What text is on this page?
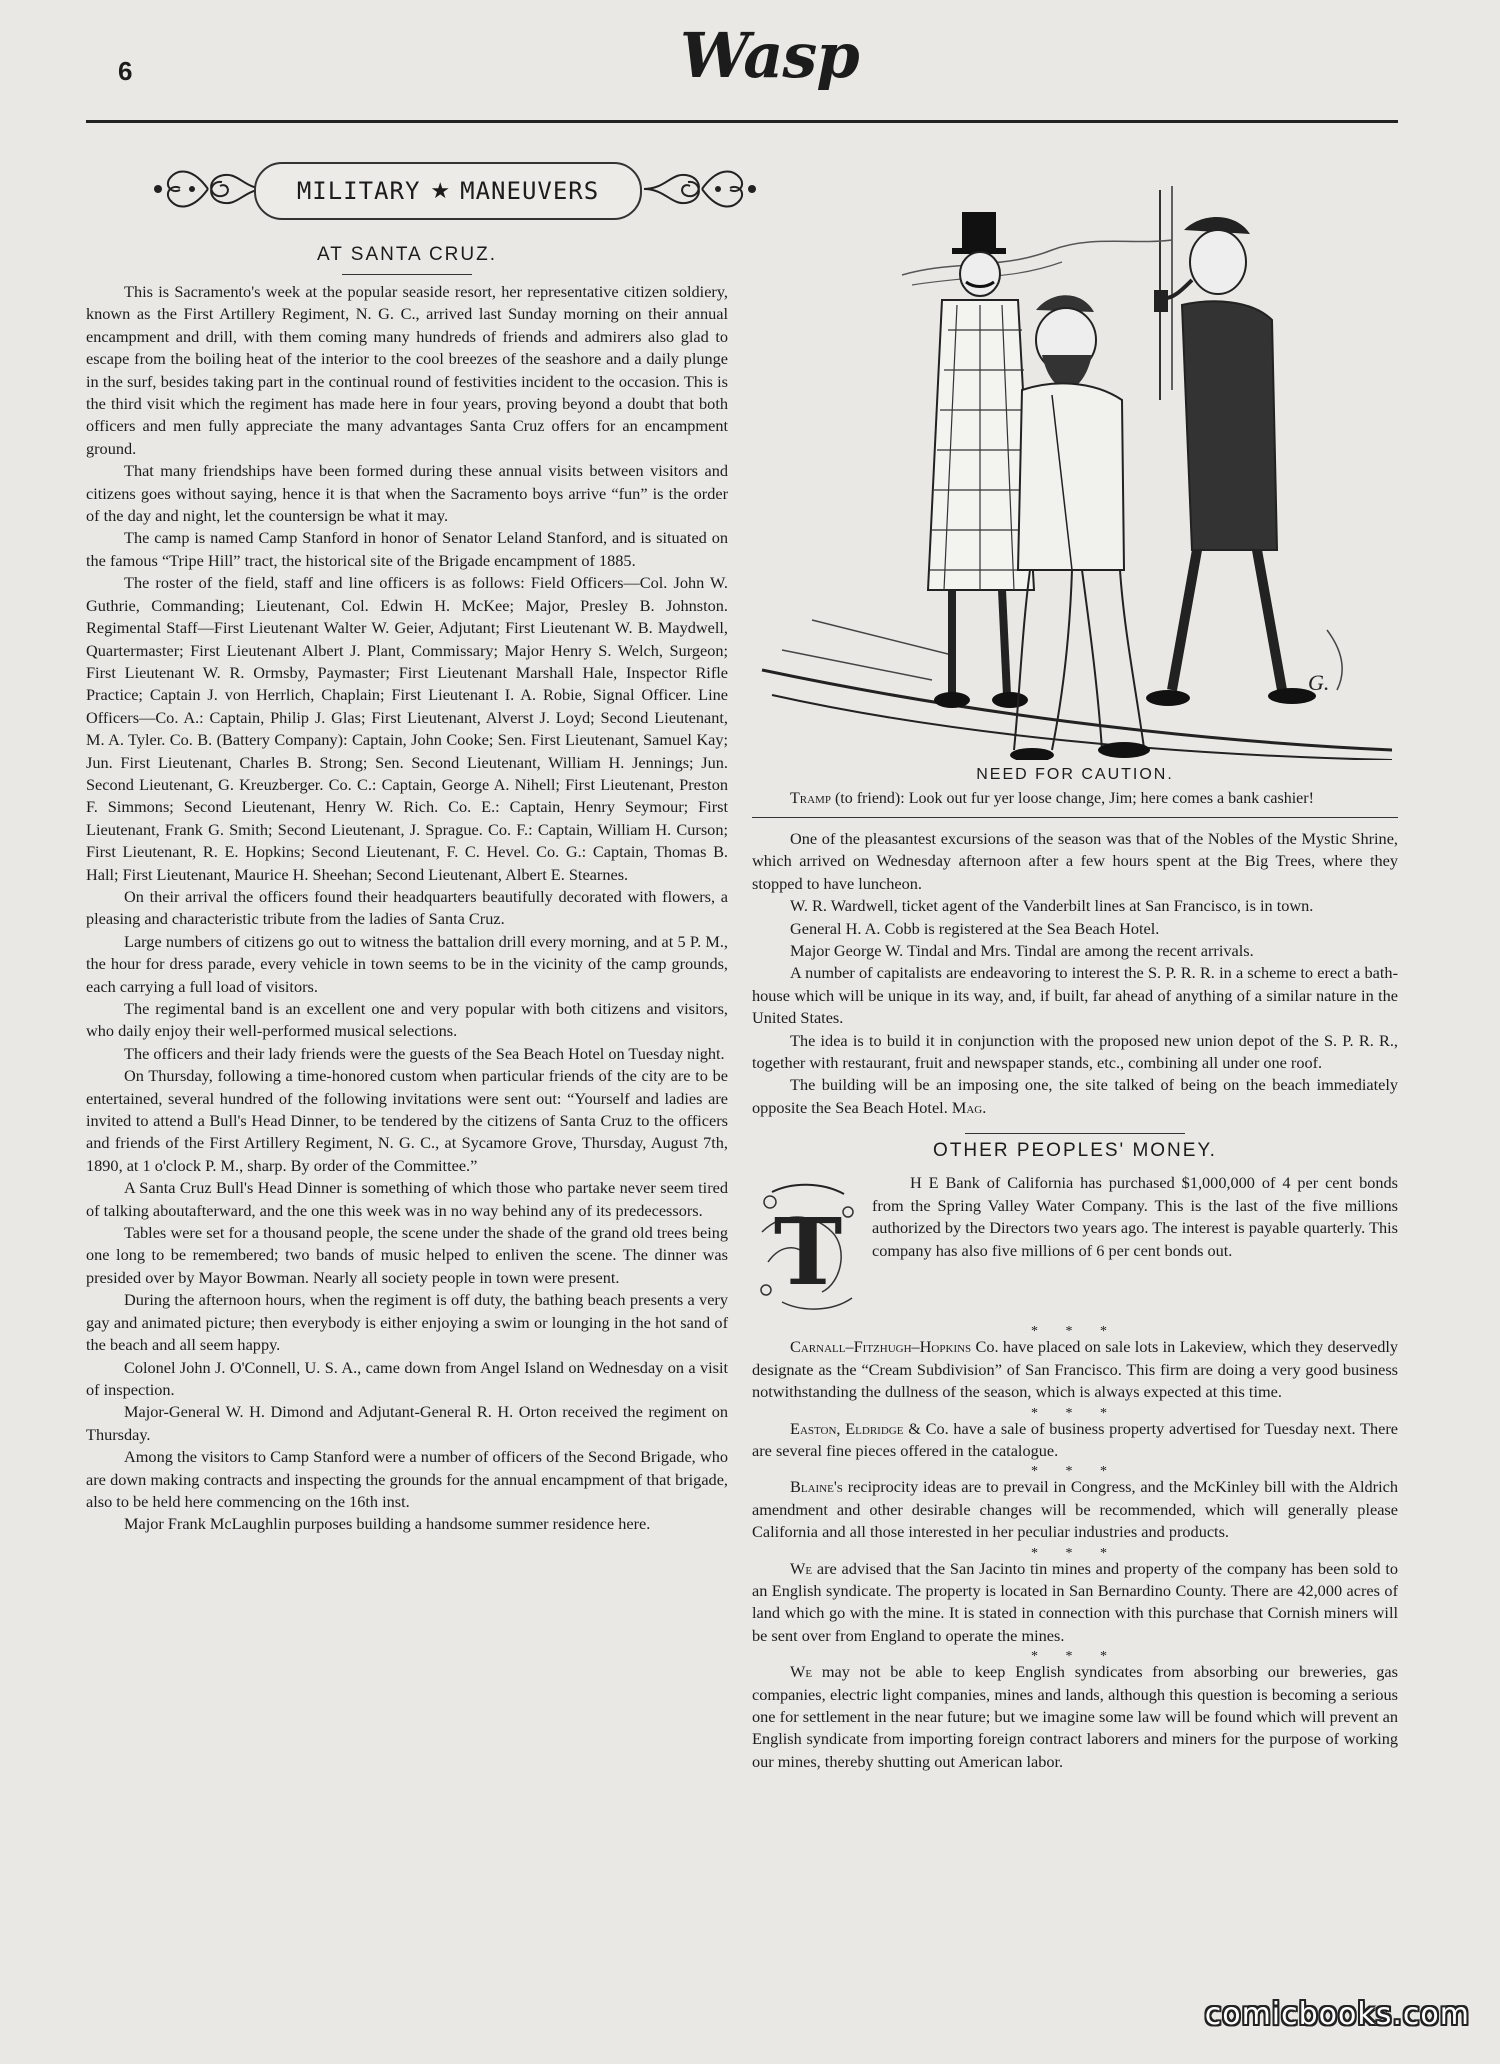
6	Wasp
MILITARY ★ MANEUVERS
AT SANTA CRUZ.

This is Sacramento's week at the popular seaside resort, her representative citizen soldiery, known as the First Artillery Regiment, N. G. C., arrived last Sunday morning on their annual encampment and drill, with them coming many hundreds of friends and admirers also glad to escape from the boiling heat of the interior to the cool breezes of the seashore and a daily plunge in the surf, besides taking part in the continual round of festivities incident to the occasion. This is the third visit which the regiment has made here in four years, proving beyond a doubt that both officers and men fully appreciate the many advantages Santa Cruz offers for an encampment ground.

That many friendships have been formed during these annual visits between visitors and citizens goes without saying, hence it is that when the Sacramento boys arrive “fun” is the order of the day and night, let the countersign be what it may.

The camp is named Camp Stanford in honor of Senator Leland Stanford, and is situated on the famous “Tripe Hill” tract, the historical site of the Brigade encampment of 1885.

The roster of the field, staff and line officers is as follows: Field Officers—Col. John W. Guthrie, Commanding; Lieutenant, Col. Edwin H. McKee; Major, Presley B. Johnston. Regimental Staff—First Lieutenant Walter W. Geier, Adjutant; First Lieutenant W. B. Maydwell, Quartermaster; First Lieutenant Albert J. Plant, Commissary; Major Henry S. Welch, Surgeon; First Lieutenant W. R. Ormsby, Paymaster; First Lieutenant Marshall Hale, Inspector Rifle Practice; Captain J. von Herrlich, Chaplain; First Lieutenant I. A. Robie, Signal Officer. Line Officers—Co. A.: Captain, Philip J. Glas; First Lieutenant, Alverst J. Loyd; Second Lieutenant, M. A. Tyler. Co. B. (Battery Company): Captain, John Cooke; Sen. First Lieutenant, Samuel Kay; Jun. First Lieutenant, Charles B. Strong; Sen. Second Lieutenant, William H. Jennings; Jun. Second Lieutenant, G. Kreuzberger. Co. C.: Captain, George A. Nihell; First Lieutenant, Preston F. Simmons; Second Lieutenant, Henry W. Rich. Co. E.: Captain, Henry Seymour; First Lieutenant, Frank G. Smith; Second Lieutenant, J. Sprague. Co. F.: Captain, William H. Curson; First Lieutenant, R. E. Hopkins; Second Lieutenant, F. C. Hevel. Co. G.: Captain, Thomas B. Hall; First Lieutenant, Maurice H. Sheehan; Second Lieutenant, Albert E. Stearnes.

On their arrival the officers found their headquarters beautifully decorated with flowers, a pleasing and characteristic tribute from the ladies of Santa Cruz.

Large numbers of citizens go out to witness the battalion drill every morning, and at 5 P. M., the hour for dress parade, every vehicle in town seems to be in the vicinity of the camp grounds, each carrying a full load of visitors.

The regimental band is an excellent one and very popular with both citizens and visitors, who daily enjoy their well-performed musical selections.

The officers and their lady friends were the guests of the Sea Beach Hotel on Tuesday night.

On Thursday, following a time-honored custom when particular friends of the city are to be entertained, several hundred of the following invitations were sent out: “Yourself and ladies are invited to attend a Bull's Head Dinner, to be tendered by the citizens of Santa Cruz to the officers and friends of the First Artillery Regiment, N. G. C., at Sycamore Grove, Thursday, August 7th, 1890, at 1 o'clock P. M., sharp. By order of the Committee.”

A Santa Cruz Bull's Head Dinner is something of which those who partake never seem tired of talking aboutafterward, and the one this week was in no way behind any of its predecessors.

Tables were set for a thousand people, the scene under the shade of the grand old trees being one long to be remembered; two bands of music helped to enliven the scene. The dinner was presided over by Mayor Bowman. Nearly all society people in town were present.

During the afternoon hours, when the regiment is off duty, the bathing beach presents a very gay and animated picture; then everybody is either enjoying a swim or lounging in the hot sand of the beach and all seem happy.

Colonel John J. O'Connell, U. S. A., came down from Angel Island on Wednesday on a visit of inspection.

Major-General W. H. Dimond and Adjutant-General R. H. Orton received the regiment on Thursday.

Among the visitors to Camp Stanford were a number of officers of the Second Brigade, who are down making contracts and inspecting the grounds for the annual encampment of that brigade, also to be held here commencing on the 16th inst.

Major Frank McLaughlin purposes building a handsome summer residence here.

G.
NEED FOR CAUTION.

Tramp (to friend): Look out fur yer loose change, Jim; here comes a bank cashier!

One of the pleasantest excursions of the season was that of the Nobles of the Mystic Shrine, which arrived on Wednesday afternoon after a few hours spent at the Big Trees, where they stopped to have luncheon.

W. R. Wardwell, ticket agent of the Vanderbilt lines at San Francisco, is in town.

General H. A. Cobb is registered at the Sea Beach Hotel.

Major George W. Tindal and Mrs. Tindal are among the recent arrivals.

A number of capitalists are endeavoring to interest the S. P. R. R. in a scheme to erect a bath-house which will be unique in its way, and, if built, far ahead of anything of a similar nature in the United States.

The idea is to build it in conjunction with the proposed new union depot of the S. P. R. R., together with restaurant, fruit and newspaper stands, etc., combining all under one roof.

The building will be an imposing one, the site talked of being on the beach immediately opposite the Sea Beach Hotel. Mag.

OTHER PEOPLES' MONEY.
T

H E Bank of California has purchased $1,000,000 of 4 per cent bonds from the Spring Valley Water Company. This is the last of the five millions authorized by the Directors two years ago. The interest is payable quarterly. This company has also five millions of 6 per cent bonds out.

* * *

Carnall–Fitzhugh–Hopkins Co. have placed on sale lots in Lakeview, which they deservedly designate as the “Cream Subdivision” of San Francisco. This firm are doing a very good business notwithstanding the dullness of the season, which is always expected at this time.

* * *

Easton, Eldridge & Co. have a sale of business property advertised for Tuesday next. There are several fine pieces offered in the catalogue.

* * *

Blaine's reciprocity ideas are to prevail in Congress, and the McKinley bill with the Aldrich amendment and other desirable changes will be recommended, which will generally please California and all those interested in her peculiar industries and products.

* * *

We are advised that the San Jacinto tin mines and property of the company has been sold to an English syndicate. The property is located in San Bernardino County. There are 42,000 acres of land which go with the mine. It is stated in connection with this purchase that Cornish miners will be sent over from England to operate the mines.

* * *

We may not be able to keep English syndicates from absorbing our breweries, gas companies, electric light companies, mines and lands, although this question is becoming a serious one for settlement in the near future; but we imagine some law will be found which will prevent an English syndicate from importing foreign contract laborers and miners for the purpose of working our mines, thereby shutting out American labor.

comicbooks.com
